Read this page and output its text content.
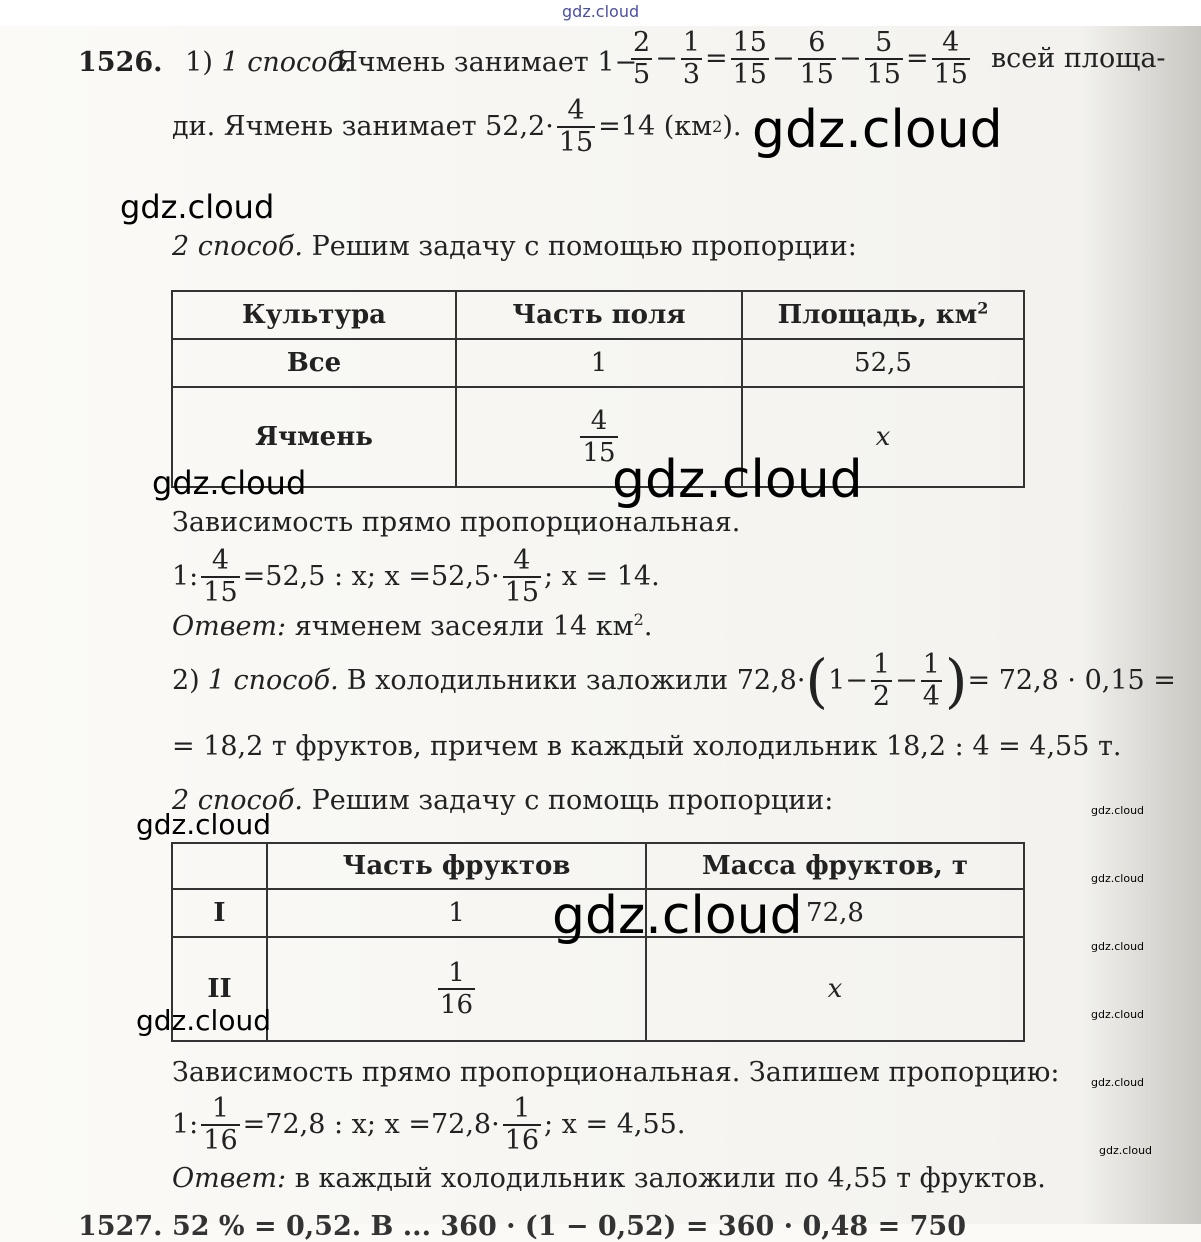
gdz.cloud
1526. 1) 1 способ.
Ячмень занимает 1−
$\frac{2}{5} - \frac{1}{3} = \frac{15}{15} - \frac{6}{15} - \frac{5}{15} = \frac{4}{15}$ всей площа-
ди. Ячмень занимает $52,2\cdot \frac{4}{15} =14$ (км 2 ). gdz.cloud
gdz.cloud
2 способ. Решим задачу с помощью пропорции:
Культура	Часть поля	Площадь, $км^2$
Все	1	52,5
Ячмень	$\frac{4}{15}$	x
gdz.cloud	gdz.cloud
Зависимость прямо пропорциональная.
1: $\frac{4}{15} =52,5$ : x; $x =52,5\cdot \frac{4}{15}$ ; x = 14.
Ответ: ячменем засеяли 14 $км^2$.
2) 1 способ. В холодильники заложили 72,8· ( $1- \frac{1}{2} - \frac{1}{4}$ ) = 72,8 · 0,15 =
= 18,2 т фруктов, причем в каждый холодильник 18,2 : 4 = 4,55 т.
2 способ. Решим задачу с помощь пропорции:
gdz.cloud
	Часть фруктов	Масса фруктов, т
I	1	72,8
II	$\frac{1}{16}$	x
gdz.cloud
gdz.cloud
gdz.cloud
gdz.cloud
gdz.cloud
gdz.cloud
gdz.cloud
gdz.cloud
Зависимость прямо пропорциональная. Запишем пропорцию:
1: $\frac{1}{16} =72,8$ : x; $x =72,8\cdot \frac{1}{16}$ ; x = 4,55.
Ответ: в каждый холодильник заложили по 4,55 т фруктов.
1527. 52 % = 0,52. В ... 360 · (1 − 0,52) = 360 · 0,48 = 750
